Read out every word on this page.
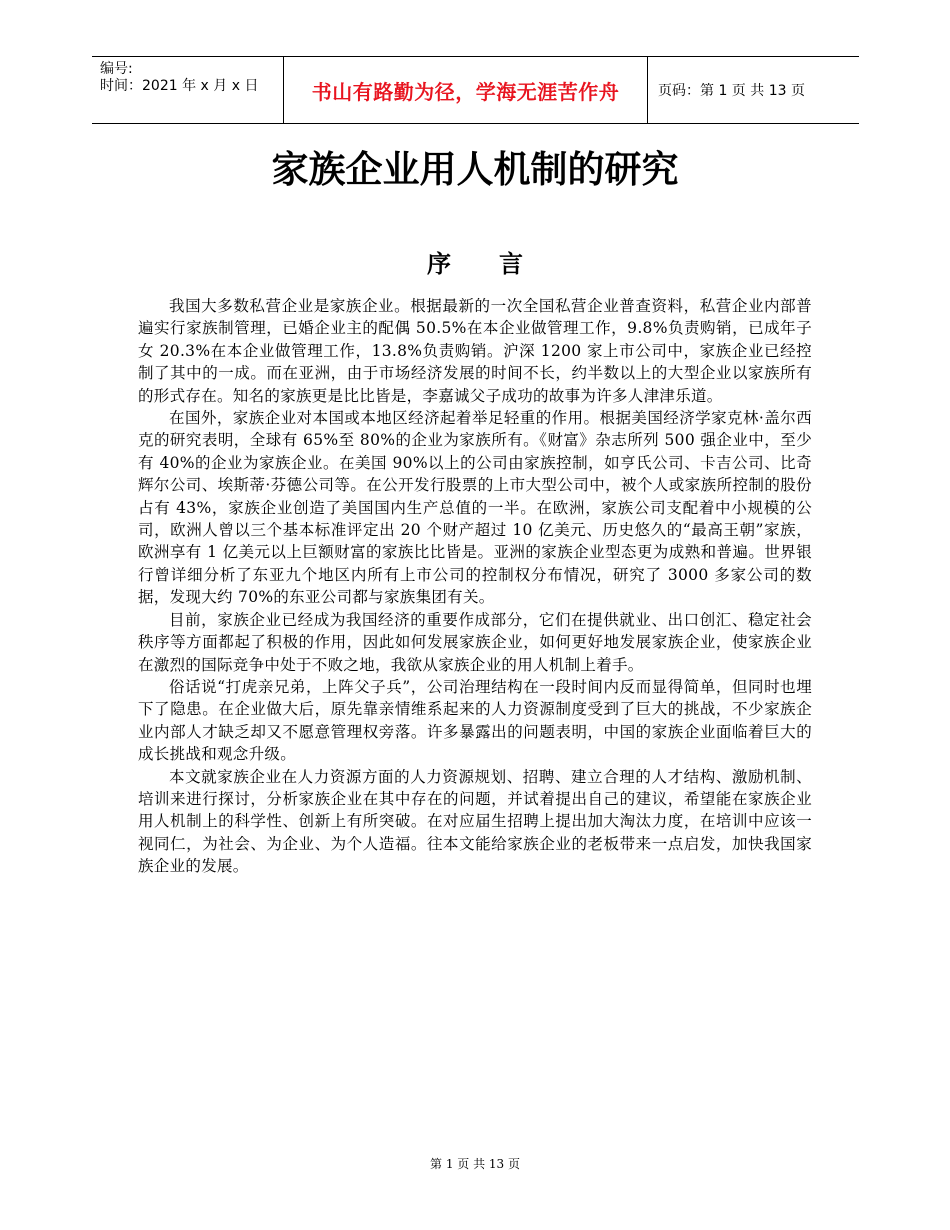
编号:
时间：2021 年 x 月 x 日	书山有路勤为径，学海无涯苦作舟	页码：第 1 页 共 13 页
家族企业用人机制的研究
序言

我国大多数私营企业是家族企业。根据最新的一次全国私营企业普查资料，私营企业内部普遍实行家族制管理，已婚企业主的配偶 50.5%在本企业做管理工作，9.8%负责购销，已成年子女 20.3%在本企业做管理工作，13.8%负责购销。沪深 1200 家上市公司中，家族企业已经控制了其中的一成。而在亚洲，由于市场经济发展的时间不长，约半数以上的大型企业以家族所有的形式存在。知名的家族更是比比皆是，李嘉诚父子成功的故事为许多人津津乐道。

在国外，家族企业对本国或本地区经济起着举足轻重的作用。根据美国经济学家克林·盖尔西克的研究表明，全球有 65%至 80%的企业为家族所有。《财富》杂志所列 500 强企业中，至少有 40%的企业为家族企业。在美国 90%以上的公司由家族控制，如亨氏公司、卡吉公司、比奇辉尔公司、埃斯蒂·芬德公司等。在公开发行股票的上市大型公司中，被个人或家族所控制的股份占有 43%，家族企业创造了美国国内生产总值的一半。在欧洲，家族公司支配着中小规模的公司，欧洲人曾以三个基本标准评定出 20 个财产超过 10 亿美元、历史悠久的“最高王朝”家族，欧洲享有 1 亿美元以上巨额财富的家族比比皆是。亚洲的家族企业型态更为成熟和普遍。世界银行曾详细分析了东亚九个地区内所有上市公司的控制权分布情况，研究了 3000 多家公司的数据，发现大约 70%的东亚公司都与家族集团有关。

目前，家族企业已经成为我国经济的重要作成部分，它们在提供就业、出口创汇、稳定社会秩序等方面都起了积极的作用，因此如何发展家族企业，如何更好地发展家族企业，使家族企业在激烈的国际竞争中处于不败之地，我欲从家族企业的用人机制上着手。

俗话说“打虎亲兄弟，上阵父子兵”，公司治理结构在一段时间内反而显得简单，但同时也埋下了隐患。在企业做大后，原先靠亲情维系起来的人力资源制度受到了巨大的挑战，不少家族企业内部人才缺乏却又不愿意管理权旁落。许多暴露出的问题表明，中国的家族企业面临着巨大的成长挑战和观念升级。

本文就家族企业在人力资源方面的人力资源规划、招聘、建立合理的人才结构、激励机制、培训来进行探讨，分析家族企业在其中存在的问题，并试着提出自己的建议，希望能在家族企业用人机制上的科学性、创新上有所突破。在对应届生招聘上提出加大淘汰力度，在培训中应该一视同仁，为社会、为企业、为个人造福。往本文能给家族企业的老板带来一点启发，加快我国家族企业的发展。

第 1 页 共 13 页
